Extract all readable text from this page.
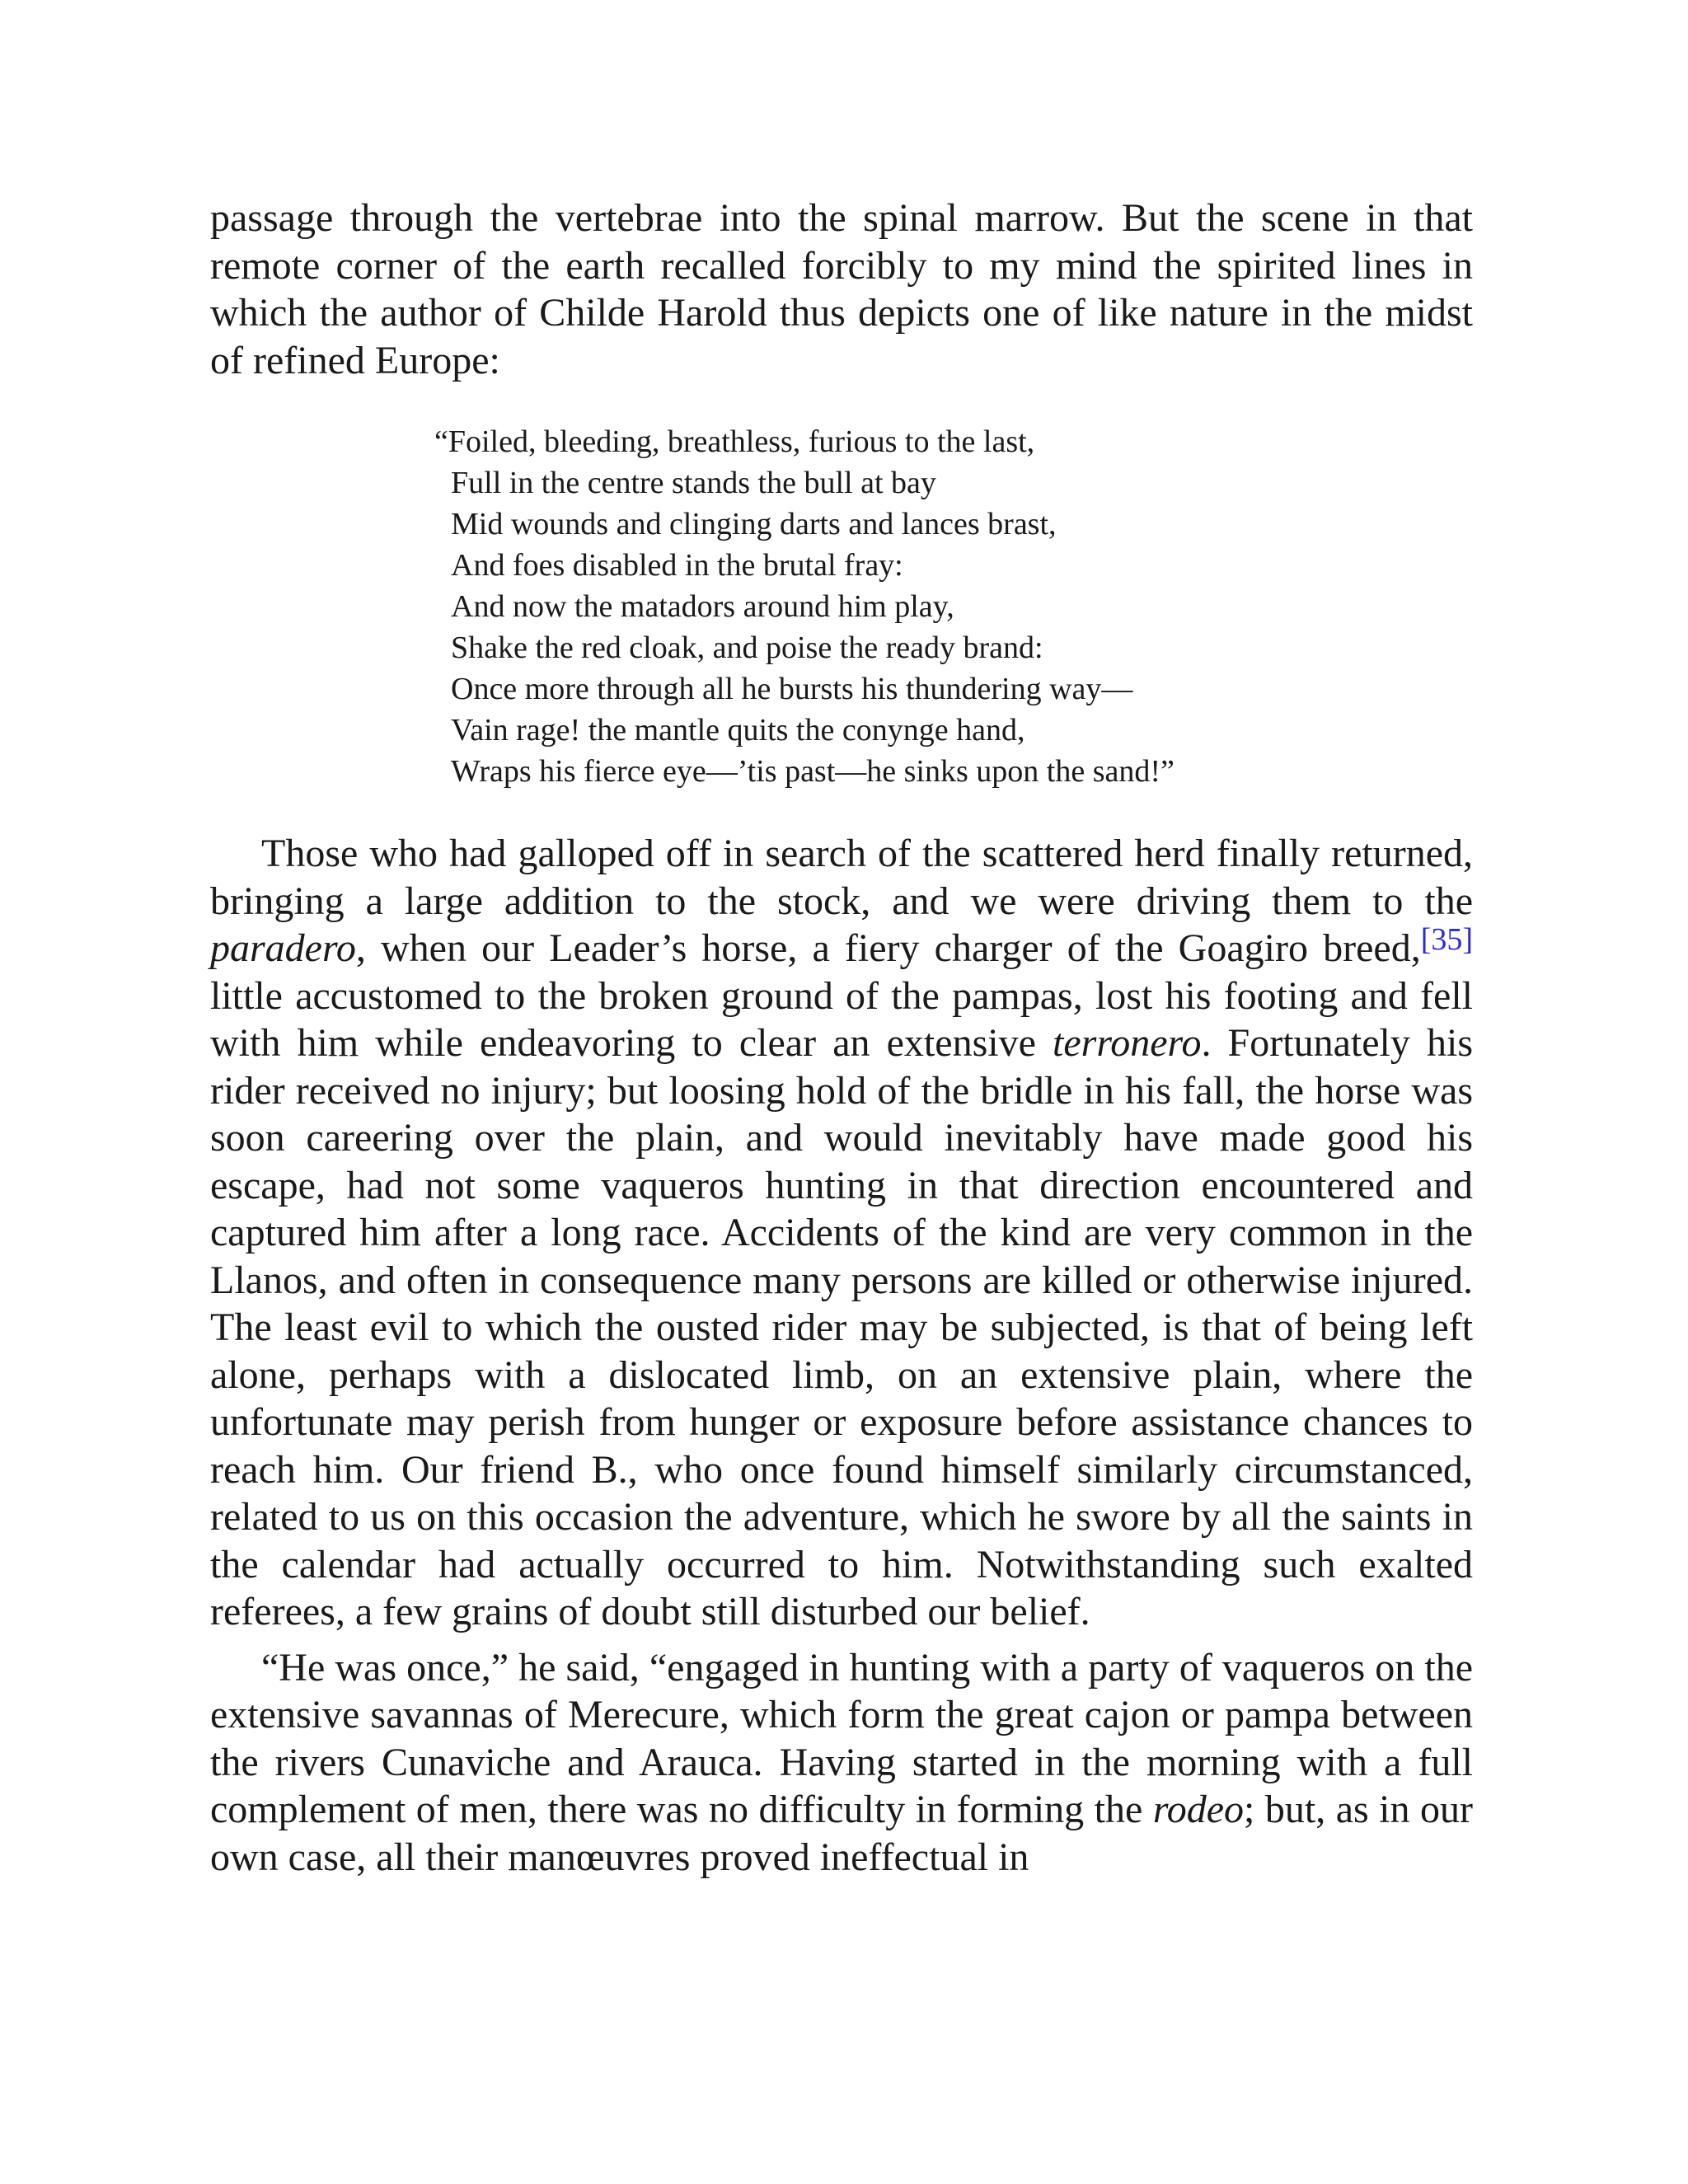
passage through the vertebrae into the spinal marrow. But the scene in that remote corner of the earth recalled forcibly to my mind the spirited lines in which the author of Childe Harold thus depicts one of like nature in the midst of refined Europe:

“Foiled, bleeding, breathless, furious to the last,
Full in the centre stands the bull at bay
Mid wounds and clinging darts and lances brast,
And foes disabled in the brutal fray:
And now the matadors around him play,
Shake the red cloak, and poise the ready brand:
Once more through all he bursts his thundering way—
Vain rage! the mantle quits the conynge hand,
Wraps his fierce eye—’tis past—he sinks upon the sand!”

Those who had galloped off in search of the scattered herd finally returned, bringing a large addition to the stock, and we were driving them to the paradero, when our Leader’s horse, a fiery charger of the Goagiro breed,[35] little accustomed to the broken ground of the pampas, lost his footing and fell with him while endeavoring to clear an extensive terronero. Fortunately his rider received no injury; but loosing hold of the bridle in his fall, the horse was soon careering over the plain, and would inevitably have made good his escape, had not some vaqueros hunting in that direction encountered and captured him after a long race. Accidents of the kind are very common in the Llanos, and often in consequence many persons are killed or otherwise injured. The least evil to which the ousted rider may be subjected, is that of being left alone, perhaps with a dislocated limb, on an extensive plain, where the unfortunate may perish from hunger or exposure before assistance chances to reach him. Our friend B., who once found himself similarly circumstanced, related to us on this occasion the adventure, which he swore by all the saints in the calendar had actually occurred to him. Notwithstanding such exalted referees, a few grains of doubt still disturbed our belief.

“He was once,” he said, “engaged in hunting with a party of vaqueros on the extensive savannas of Merecure, which form the great cajon or pampa between the rivers Cunaviche and Arauca. Having started in the morning with a full complement of men, there was no difficulty in forming the rodeo; but, as in our own case, all their manœuvres proved ineffectual in
